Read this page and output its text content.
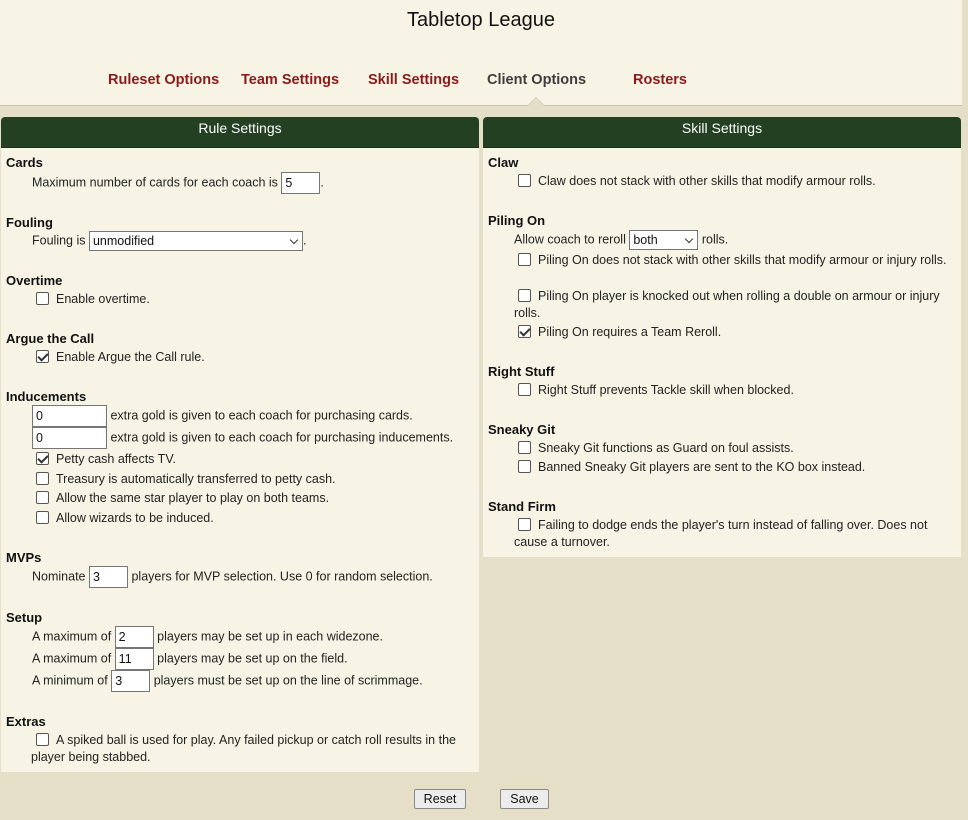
Tabletop League
Ruleset Options Team Settings Skill Settings Client Options	Rosters
Rule Settings
Cards
Maximum number of cards for each coach is 5 .
Fouling
Fouling is unmodified	.
Overtime
Enable overtime.
Argue the Call
Enable Argue the Call rule.
Inducements
0	extra gold is given to each coach for purchasing cards.
0	extra gold is given to each coach for purchasing inducements.
Petty cash affects TV.
Treasury is automatically transferred to petty cash.
Allow the same star player to play on both teams.
Allow wizards to be induced.
MVPs
Nominate 3	players for MVP selection. Use 0 for random selection.
Setup
A maximum of 2	players may be set up in each widezone.
A maximum of 11 players may be set up on the field.
A minimum of 3	players must be set up on the line of scrimmage.
Extras
A spiked ball is used for play. Any failed pickup or catch roll results in the player being stabbed.
Skill Settings
Claw
Claw does not stack with other skills that modify armour rolls.
Piling On
Allow coach to reroll both	rolls.
Piling On does not stack with other skills that modify armour or injury rolls.
Piling On player is knocked out when rolling a double on armour or injury rolls.
Piling On requires a Team Reroll.
Right Stuff
Right Stuff prevents Tackle skill when blocked.
Sneaky Git
Sneaky Git functions as Guard on foul assists.
Banned Sneaky Git players are sent to the KO box instead.
Stand Firm
Failing to dodge ends the player's turn instead of falling over. Does not cause a turnover.
Reset	Save
